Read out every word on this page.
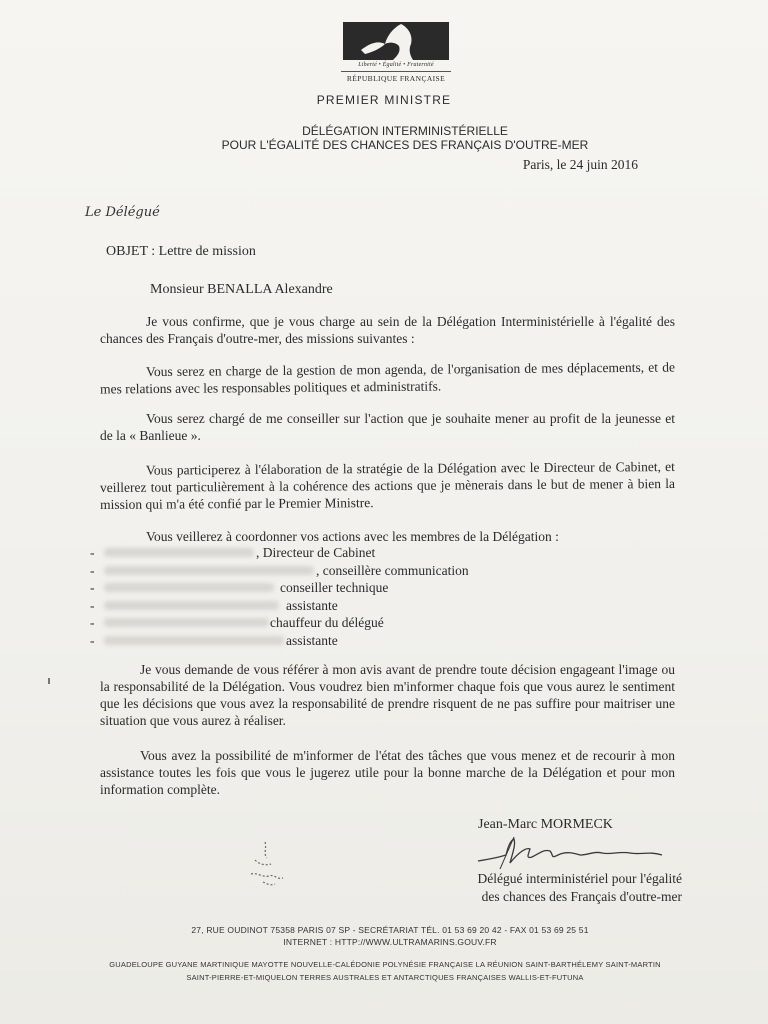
Liberté • Égalité • Fraternité
RÉPUBLIQUE FRANÇAISE
PREMIER MINISTRE
DÉLÉGATION INTERMINISTÉRIELLE
POUR L'ÉGALITÉ DES CHANCES DES FRANÇAIS D'OUTRE-MER
Paris, le 24 juin 2016
Le Délégué
OBJET : Lettre de mission
Monsieur BENALLA Alexandre
Je vous confirme, que je vous charge au sein de la Délégation Interministérielle à l'égalité des chances des Français d'outre-mer, des missions suivantes :
Vous serez en charge de la gestion de mon agenda, de l'organisation de mes déplacements, et de mes relations avec les responsables politiques et administratifs.
Vous serez chargé de me conseiller sur l'action que je souhaite mener au profit de la jeunesse et de la « Banlieue ».
Vous participerez à l'élaboration de la stratégie de la Délégation avec le Directeur de Cabinet, et veillerez tout particulièrement à la cohérence des actions que je mènerais dans le but de mener à bien la mission qui m'a été confié par le Premier Ministre.
Vous veillerez à coordonner vos actions avec les membres de la Délégation :
-	, Directeur de Cabinet
-	, conseillère communication
-	conseiller technique
-	assistante
-	chauffeur du délégué
-	assistante
Je vous demande de vous référer à mon avis avant de prendre toute décision engageant l'image ou la responsabilité de la Délégation. Vous voudrez bien m'informer chaque fois que vous aurez le sentiment que les décisions que vous avez la responsabilité de prendre risquent de ne pas suffire pour maitriser une situation que vous aurez à réaliser.
Vous avez la possibilité de m'informer de l'état des tâches que vous menez et de recourir à mon assistance toutes les fois que vous le jugerez utile pour la bonne marche de la Délégation et pour mon information complète.
Jean-Marc MORMECK
Délégué interministériel pour l'égalité
des chances des Français d'outre-mer
27, RUE OUDINOT 75358 PARIS 07 SP - SECRÉTARIAT TÉL. 01 53 69 20 42 - FAX 01 53 69 25 51
INTERNET : HTTP://WWW.ULTRAMARINS.GOUV.FR
GUADELOUPE GUYANE MARTINIQUE MAYOTTE NOUVELLE-CALÉDONIE POLYNÉSIE FRANÇAISE LA RÉUNION SAINT-BARTHÉLEMY SAINT-MARTIN
SAINT-PIERRE-ET-MIQUELON TERRES AUSTRALES ET ANTARCTIQUES FRANÇAISES WALLIS-ET-FUTUNA
